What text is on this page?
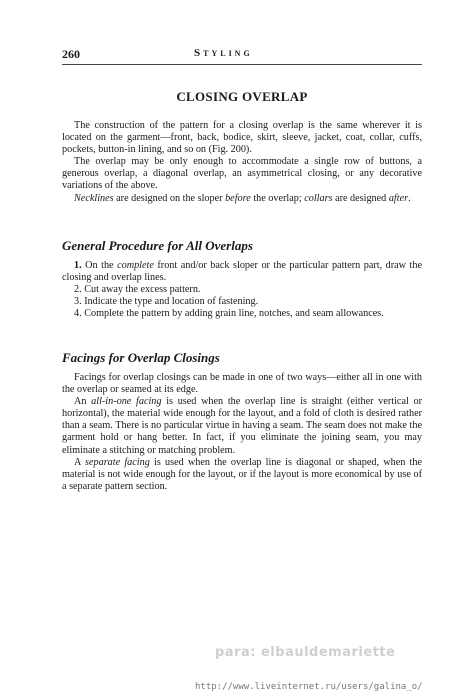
260	Styling
CLOSING OVERLAP

The construction of the pattern for a closing overlap is the same wherever it is located on the garment—front, back, bodice, skirt, sleeve, jacket, coat, collar, cuffs, pockets, button-in lining, and so on (Fig. 200).

The overlap may be only enough to accommodate a single row of buttons, a generous overlap, a diagonal overlap, an asymmetrical closing, or any decorative variations of the above.

Necklines are designed on the sloper before the overlap; collars are designed after.

General Procedure for All Overlaps

1. On the complete front and/or back sloper or the particular pattern part, draw the closing and overlap lines.

2. Cut away the excess pattern.

3. Indicate the type and location of fastening.

4. Complete the pattern by adding grain line, notches, and seam allowances.

Facings for Overlap Closings

Facings for overlap closings can be made in one of two ways—either all in one with the overlap or seamed at its edge.

An all-in-one facing is used when the overlap line is straight (either vertical or horizontal), the material wide enough for the layout, and a fold of cloth is desired rather than a seam. There is no particular virtue in having a seam. The seam does not make the garment hold or hang better. In fact, if you eliminate the joining seam, you may eliminate a stitching or matching problem.

A separate facing is used when the overlap line is diagonal or shaped, when the material is not wide enough for the layout, or if the layout is more economical by use of a separate pattern section.

para: elbauldemariette
http://www.liveinternet.ru/users/galina_o/
